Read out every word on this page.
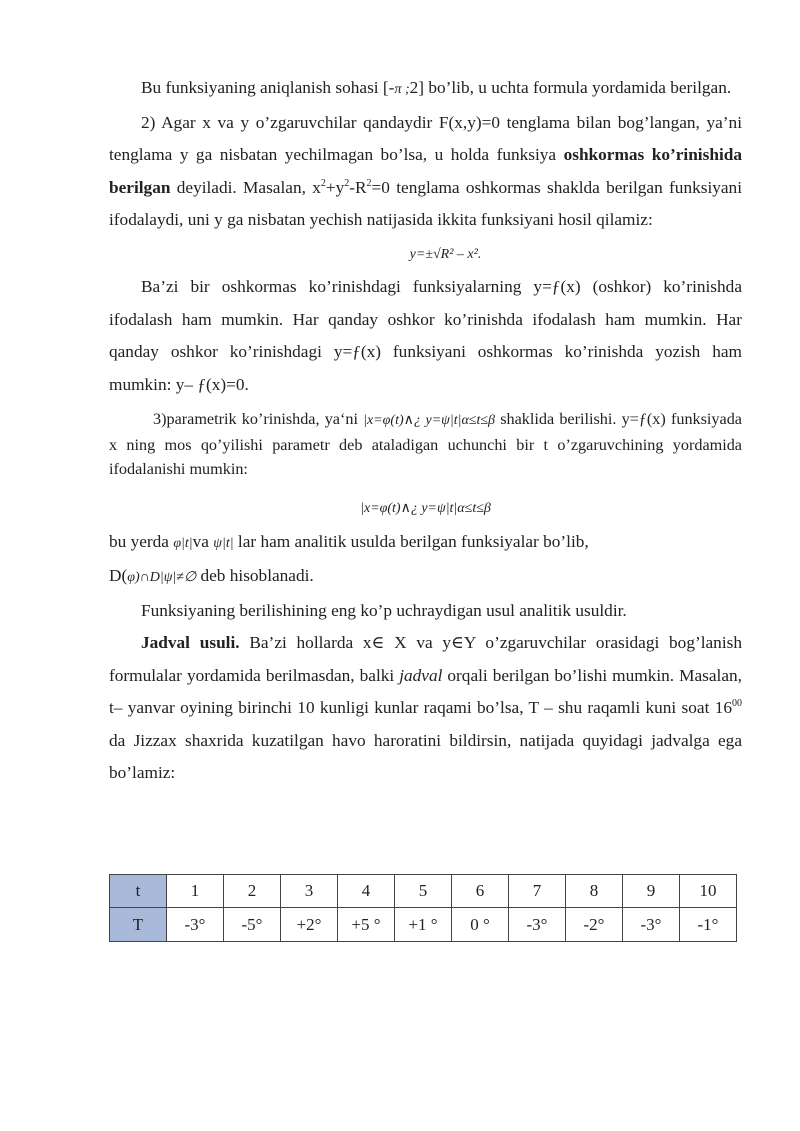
Bu funksiyaning aniqlanish sohasi [-π ;2] bo’lib, u uchta formula yordamida berilgan.

2) Agar x va y o’zgaruvchilar qandaydir F(x,y)=0 tenglama bilan bog’langan, ya’ni tenglama y ga nisbatan yechilmagan bo’lsa, u holda funksiya oshkormas ko’rinishida berilgan deyiladi. Masalan, $x^2+y^2-R^2=0$ tenglama oshkormas shaklda berilgan funksiyani ifodalaydi, uni y ga nisbatan yechish natijasida ikkita funksiyani hosil qilamiz:

y=±√R² – x².

Ba’zi bir oshkormas ko’rinishdagi funksiyalarning y=ƒ(x) (oshkor) ko’rinishda ifodalash ham mumkin. Har qanday oshkor ko’rinishda ifodalash ham mumkin. Har qanday oshkor ko’rinishdagi y=ƒ(x) funksiyani oshkormas ko’rinishda yozish ham mumkin: y– ƒ(x)=0.

3)parametrik ko’rinishda, ya‘ni |x=φ(t)∧¿ y=ψ|t|α≤t≤β shaklida berilishi. y=ƒ(x) funksiyada x ning mos qo’yilishi parametr deb ataladigan uchunchi bir t o’zgaruvchining yordamida ifodalanishi mumkin:

|x=φ(t)∧¿ y=ψ|t|α≤t≤β

bu yerda φ|t|va ψ|t| lar ham analitik usulda berilgan funksiyalar bo’lib,

D(φ)∩D|ψ|≠∅ deb hisoblanadi.

Funksiyaning berilishining eng ko’p uchraydigan usul analitik usuldir.

Jadval usuli. Ba’zi hollarda x∈ X va y∈Y o’zgaruvchilar orasidagi bog’lanish formulalar yordamida berilmasdan, balki jadval orqali berilgan bo’lishi mumkin. Masalan, t– yanvar oyining birinchi 10 kunligi kunlar raqami bo’lsa, T – shu raqamli kuni soat $16^{00}$ da Jizzax shaxrida kuzatilgan havo haroratini bildirsin, natijada quyidagi jadvalga ega bo’lamiz:

t	1	2	3	4	5	6	7	8	9	10
T	-3°	-5°	+2°	+5 °	+1 °	0 °	-3°	-2°	-3°	-1°
